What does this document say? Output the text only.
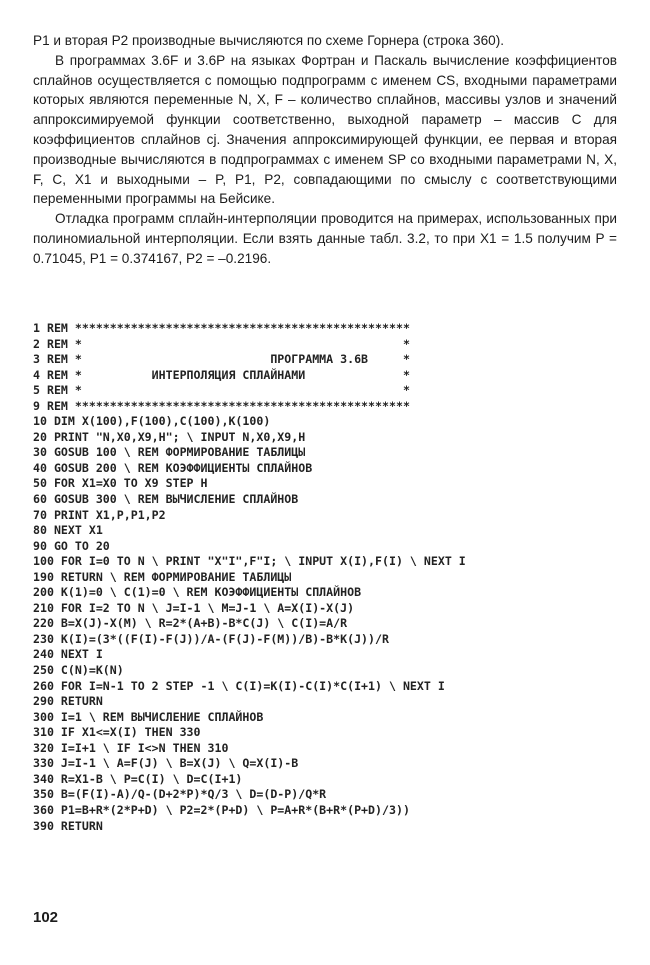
P1 и вторая P2 производные вычисляются по схеме Горнера (строка 360).

В программах 3.6F и 3.6P на языках Фортран и Паскаль вычисление коэффициентов сплайнов осуществляется с помощью подпрограмм с именем CS, входными параметрами которых являются переменные N, X, F – количество сплайнов, массивы узлов и значений аппроксимируемой функции соответственно, выходной параметр – массив C для коэффициентов сплайнов cj. Значения аппроксимирующей функции, ее первая и вторая производные вычисляются в подпрограммах с именем SP со входными параметрами N, X, F, C, X1 и выходными – P, P1, P2, совпадающими по смыслу с соответствующими переменными программы на Бейсике.

Отладка программ сплайн-интерполяции проводится на примерах, использованных при полиномиальной интерполяции. Если взять данные табл. 3.2, то при X1 = 1.5 получим P = 0.71045, P1 = 0.374167, P2 = –0.2196.

1 REM ************************************************
2 REM *                                              *
3 REM *                           ПРОГРАММА 3.6B     *
4 REM *          ИНТЕРПОЛЯЦИЯ СПЛАЙНАМИ              *
5 REM *                                              *
9 REM ************************************************
10 DIM X(100),F(100),C(100),K(100)
20 PRINT "N,X0,X9,H"; \ INPUT N,X0,X9,H
30 GOSUB 100 \ REM ФОРМИРОВАНИЕ ТАБЛИЦЫ
40 GOSUB 200 \ REM КОЭФФИЦИЕНТЫ СПЛАЙНОВ
50 FOR X1=X0 TO X9 STEP H
60 GOSUB 300 \ REM ВЫЧИСЛЕНИЕ СПЛАЙНОВ
70 PRINT X1,P,P1,P2
80 NEXT X1
90 GO TO 20
100 FOR I=0 TO N \ PRINT "X"I",F"I; \ INPUT X(I),F(I) \ NEXT I
190 RETURN \ REM ФОРМИРОВАНИЕ ТАБЛИЦЫ
200 K(1)=0 \ C(1)=0 \ REM КОЭФФИЦИЕНТЫ СПЛАЙНОВ
210 FOR I=2 TO N \ J=I-1 \ M=J-1 \ A=X(I)-X(J)
220 B=X(J)-X(M) \ R=2*(A+B)-B*C(J) \ C(I)=A/R
230 K(I)=(3*((F(I)-F(J))/A-(F(J)-F(M))/B)-B*K(J))/R
240 NEXT I
250 C(N)=K(N)
260 FOR I=N-1 TO 2 STEP -1 \ C(I)=K(I)-C(I)*C(I+1) \ NEXT I
290 RETURN
300 I=1 \ REM ВЫЧИСЛЕНИЕ СПЛАЙНОВ
310 IF X1<=X(I) THEN 330
320 I=I+1 \ IF I<>N THEN 310
330 J=I-1 \ A=F(J) \ B=X(J) \ Q=X(I)-B
340 R=X1-B \ P=C(I) \ D=C(I+1)
350 B=(F(I)-A)/Q-(D+2*P)*Q/3 \ D=(D-P)/Q*R
360 P1=B+R*(2*P+D) \ P2=2*(P+D) \ P=A+R*(B+R*(P+D)/3))
390 RETURN
102
